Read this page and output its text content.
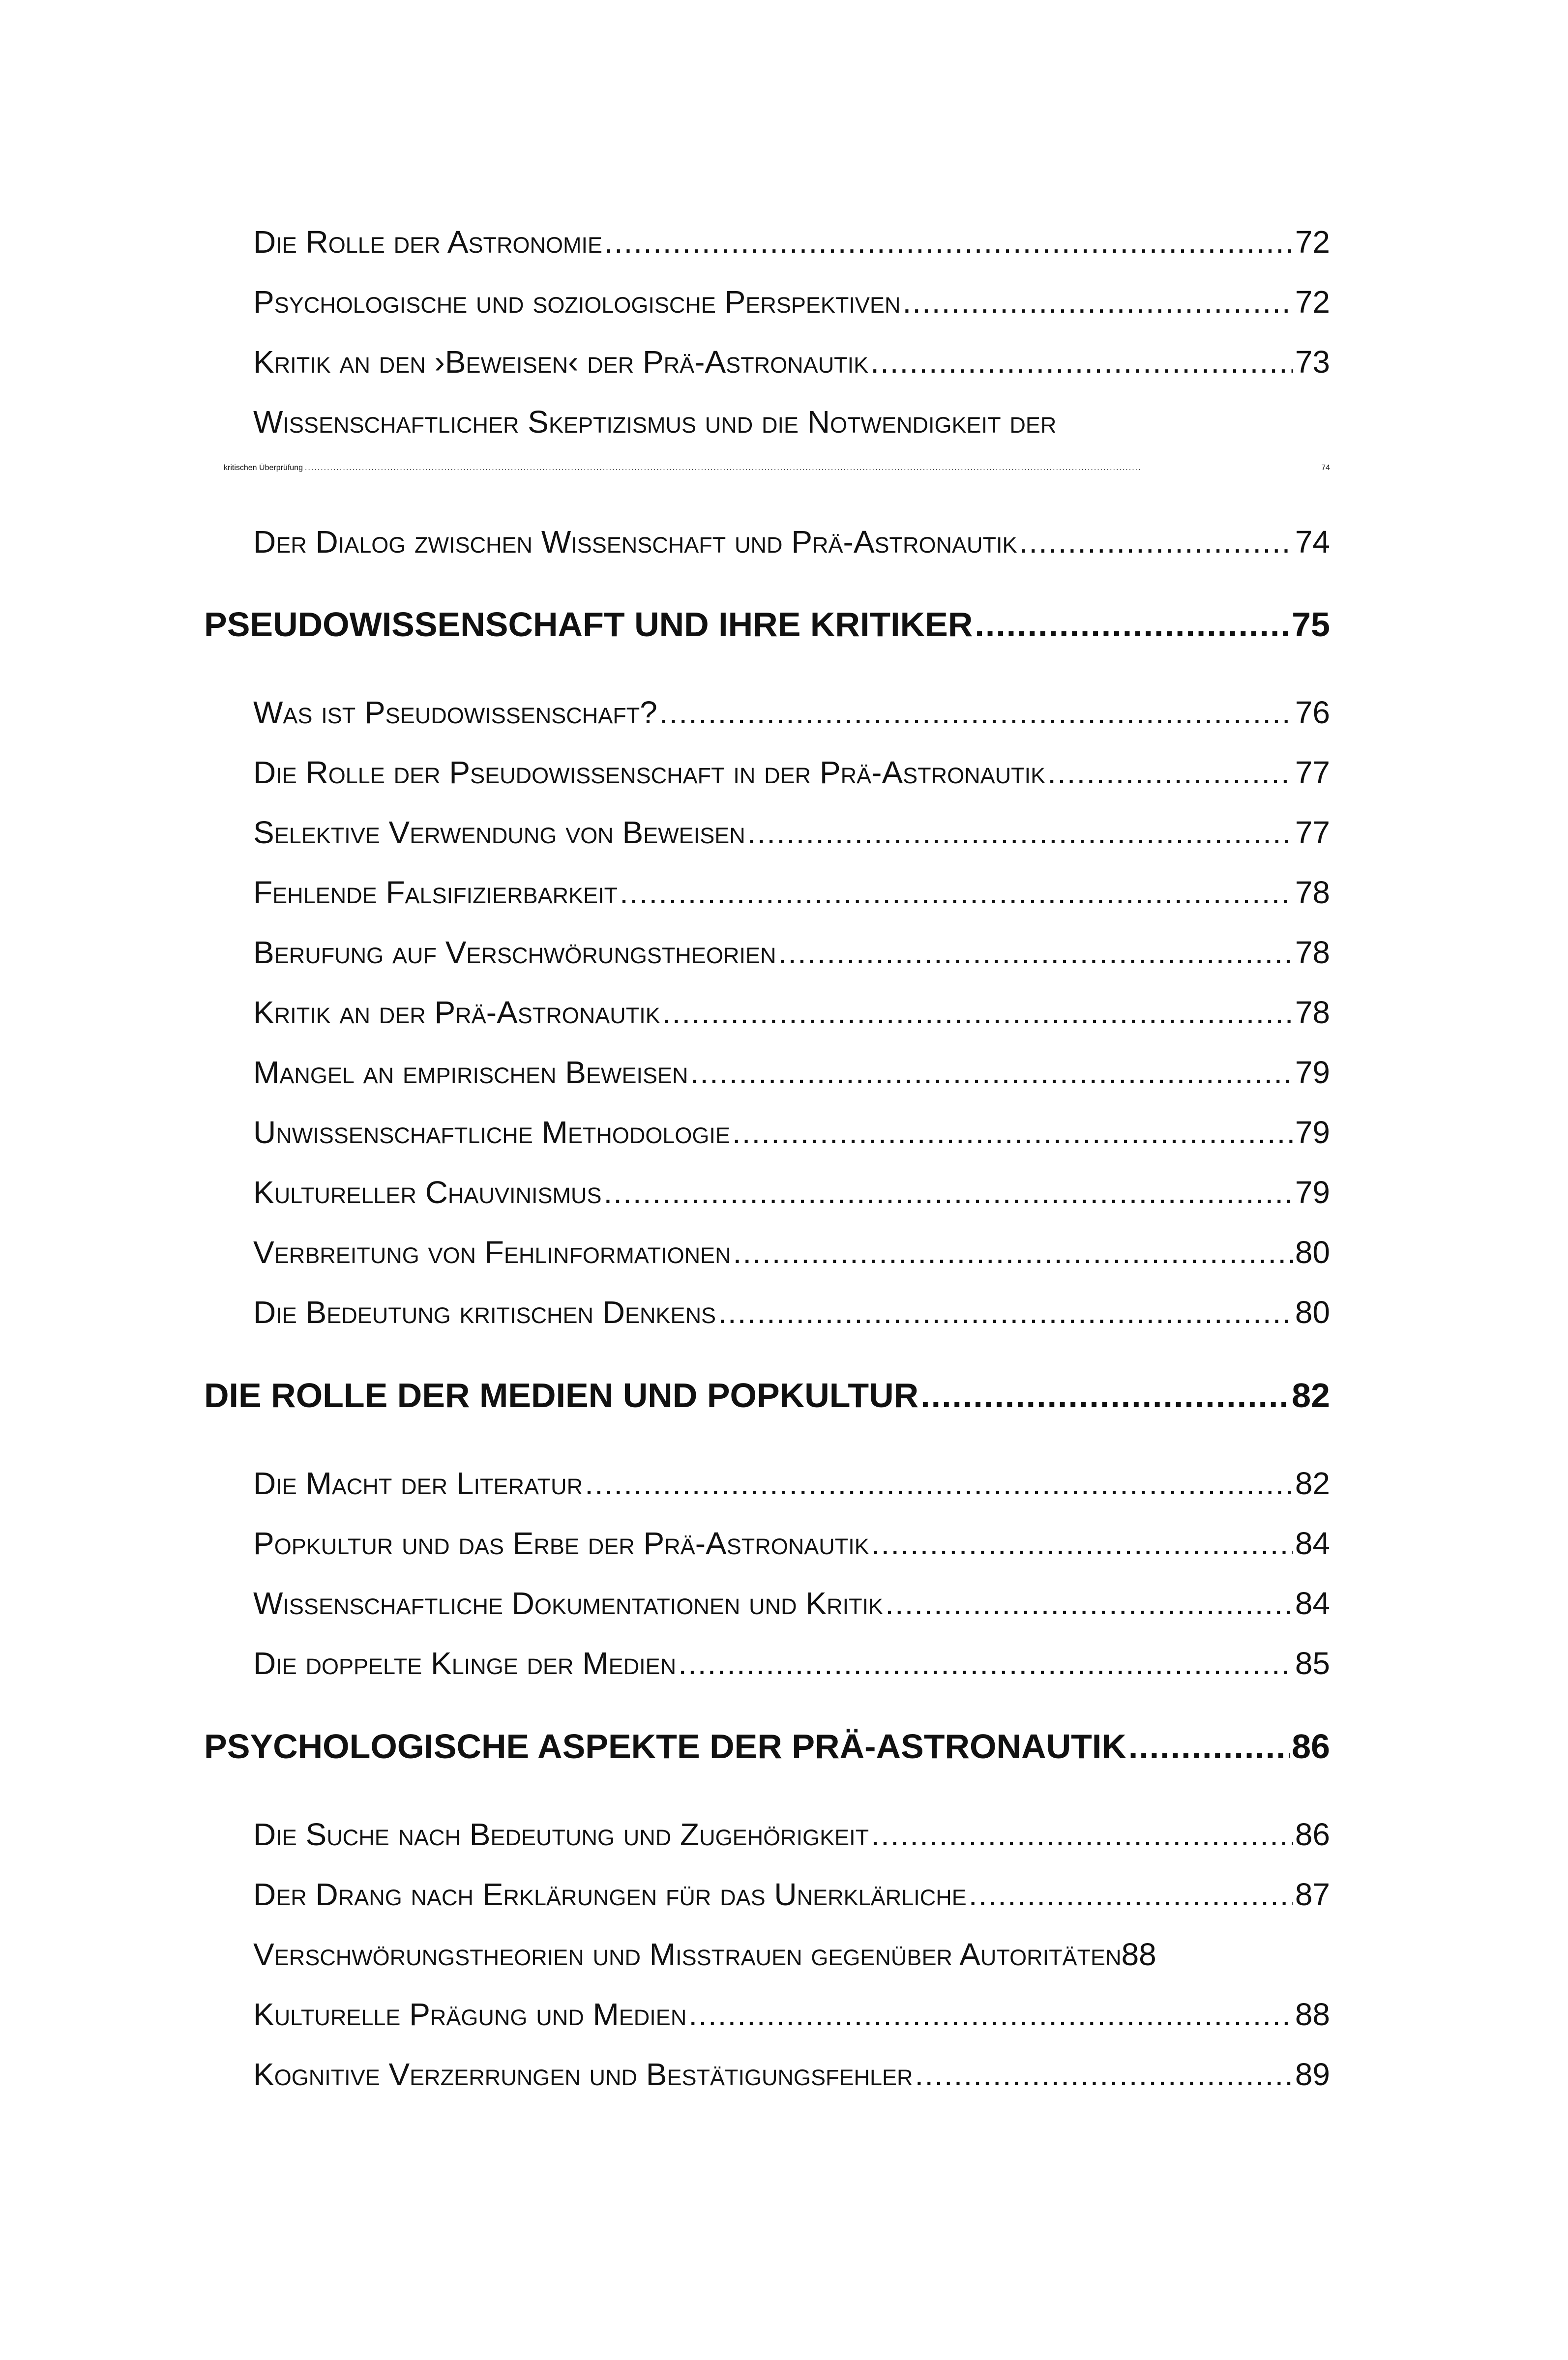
Die Rolle der Astronomie .....	72
Psychologische und soziologische Perspektiven .....	72
Kritik an den ›Beweisen‹ der Prä-Astronautik .....	73
Wissenschaftlicher Skeptizismus und die Notwendigkeit der
kritischen Überprüfung .....	74
Der Dialog zwischen Wissenschaft und Prä-Astronautik .....	74
PSEUDOWISSENSCHAFT UND IHRE KRITIKER .....	75
Was ist Pseudowissenschaft? .....	76
Die Rolle der Pseudowissenschaft in der Prä-Astronautik .....	77
Selektive Verwendung von Beweisen .....	77
Fehlende Falsifizierbarkeit .....	78
Berufung auf Verschwörungstheorien .....	78
Kritik an der Prä-Astronautik .....	78
Mangel an empirischen Beweisen .....	79
Unwissenschaftliche Methodologie .....	79
Kultureller Chauvinismus .....	79
Verbreitung von Fehlinformationen .....	80
Die Bedeutung kritischen Denkens .....	80
DIE ROLLE DER MEDIEN UND POPKULTUR .....	82
Die Macht der Literatur .....	82
Popkultur und das Erbe der Prä-Astronautik .....	84
Wissenschaftliche Dokumentationen und Kritik .....	84
Die doppelte Klinge der Medien .....	85
PSYCHOLOGISCHE ASPEKTE DER PRÄ-ASTRONAUTIK .....	86
Die Suche nach Bedeutung und Zugehörigkeit .....	86
Der Drang nach Erklärungen für das Unerklärliche .....	87
Verschwörungstheorien und Misstrauen gegenüber Autoritäten 88
Kulturelle Prägung und Medien .....	88
Kognitive Verzerrungen und Bestätigungsfehler .....	89
